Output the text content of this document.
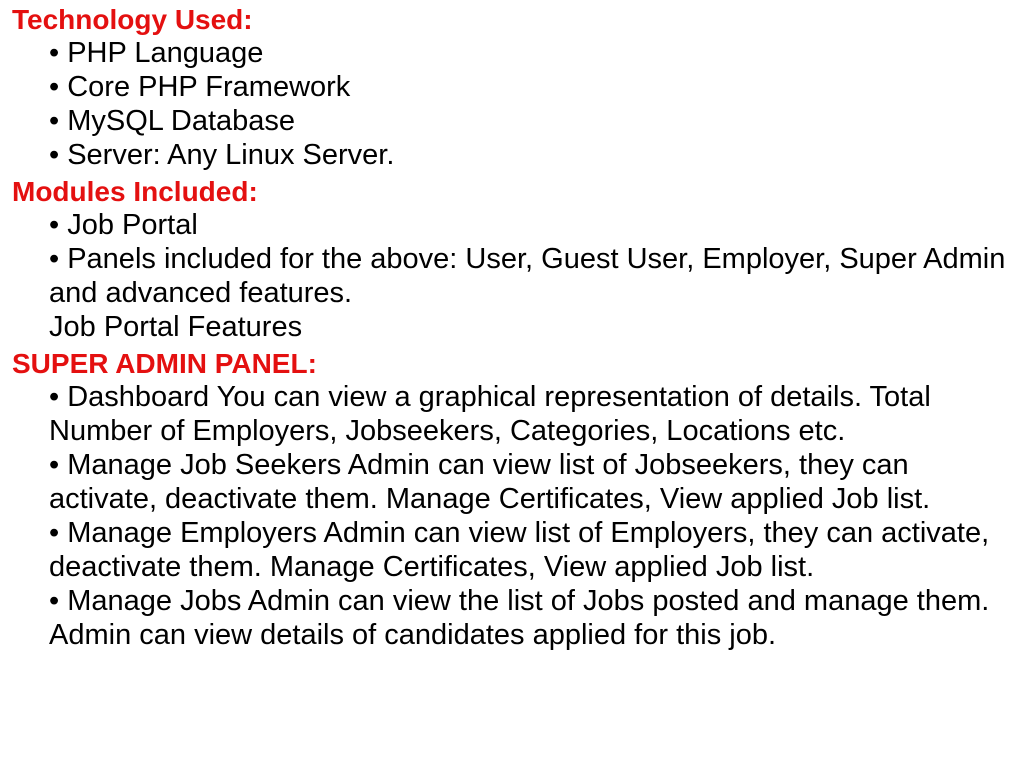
Technology Used:
• PHP Language
• Core PHP Framework
• MySQL Database
• Server: Any Linux Server.
Modules Included:
• Job Portal
• Panels included for the above: User, Guest User, Employer, Super Admin and advanced features.
Job Portal Features
SUPER ADMIN PANEL:
• Dashboard You can view a graphical representation of details. Total Number of Employers, Jobseekers, Categories, Locations etc.
• Manage Job Seekers Admin can view list of Jobseekers, they can activate, deactivate them. Manage Certificates, View applied Job list.
• Manage Employers Admin can view list of Employers, they can activate, deactivate them. Manage Certificates, View applied Job list.
• Manage Jobs Admin can view the list of Jobs posted and manage them. Admin can view details of candidates applied for this job.
